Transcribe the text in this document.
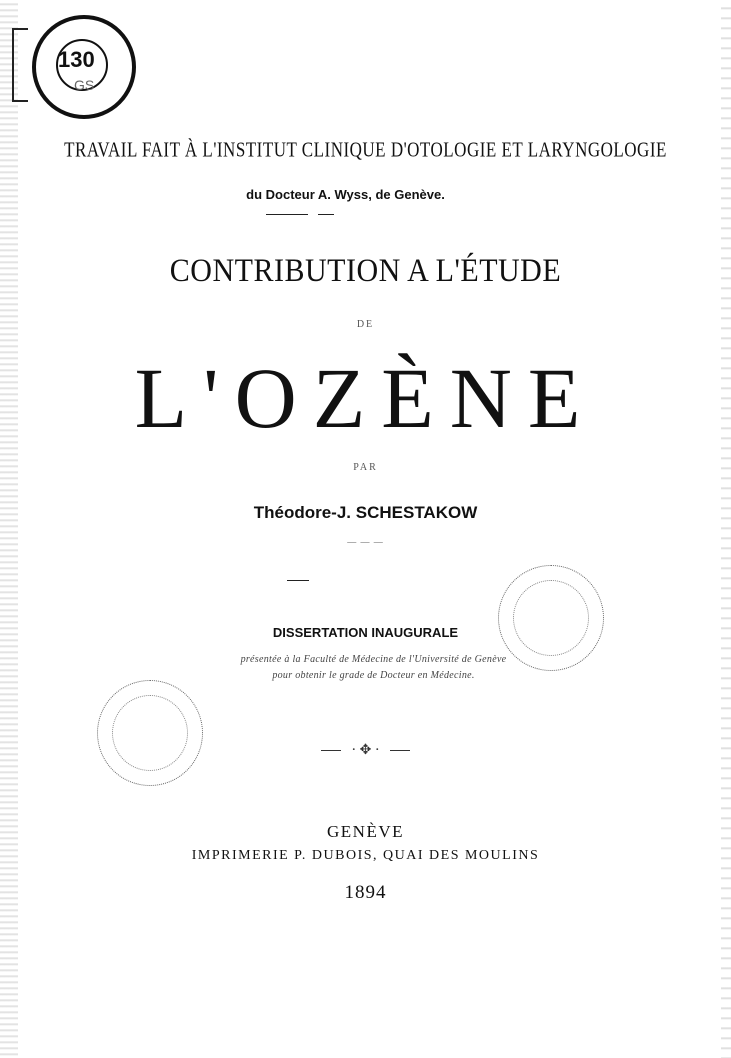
130
GS
TRAVAIL FAIT À L'INSTITUT CLINIQUE D'OTOLOGIE ET LARYNGOLOGIE
du Docteur A. Wyss, de Genève.
CONTRIBUTION A L'ÉTUDE
DE
L'OZÈNE
PAR
Théodore-J. SCHESTAKOW
— — —
DISSERTATION INAUGURALE
présentée à la Faculté de Médecine de l'Université de Genève
pour obtenir le grade de Docteur en Médecine.
⋅ ✥ ⋅
GENÈVE
IMPRIMERIE P. DUBOIS, QUAI DES MOULINS
1894
